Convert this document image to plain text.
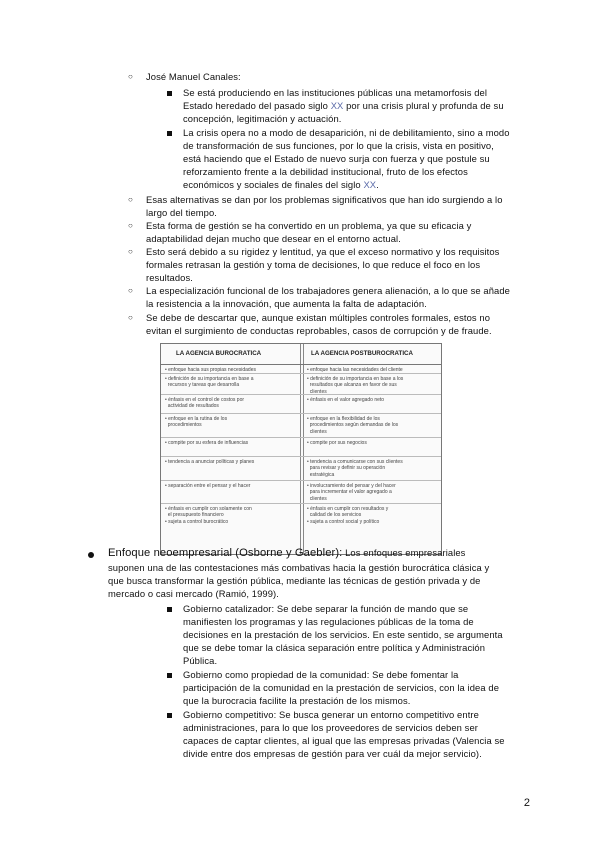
○ José Manuel Canales:
Se está produciendo en las instituciones públicas una metamorfosis del
Estado heredado del pasado siglo XX por una crisis plural y profunda de su
concepción, legitimación y actuación.
La crisis opera no a modo de desaparición, ni de debilitamiento, sino a modo
de transformación de sus funciones, por lo que la crisis, vista en positivo,
está haciendo que el Estado de nuevo surja con fuerza y que postule su
reforzamiento frente a la debilidad institucional, fruto de los efectos
económicos y sociales de finales del siglo XX.
○ Esas alternativas se dan por los problemas significativos que han ido surgiendo a lo
largo del tiempo.
○ Esta forma de gestión se ha convertido en un problema, ya que su eficacia y
adaptabilidad dejan mucho que desear en el entorno actual.
○ Esto será debido a su rigidez y lentitud, ya que el exceso normativo y los requisitos
formales retrasan la gestión y toma de decisiones, lo que reduce el foco en los
resultados.
○ La especialización funcional de los trabajadores genera alienación, a lo que se añade
la resistencia a la innovación, que aumenta la falta de adaptación.
○ Se debe de descartar que, aunque existan múltiples controles formales, estos no
evitan el surgimiento de conductas reprobables, casos de corrupción y de fraude.
LA AGENCIA BUROCRATICA	LA AGENCIA POSTBUROCRATICA
• enfoque hacia sus propias necesidades
• definición de su importancia en base a
recursos y tareas que desarrolla
• énfasis en el control de costos por
actividad de resultados
• enfoque en la rutina de los
procedimientos
• compite por su esfera de influencias
• tendencia a anunciar políticas y planes
• separación entre el pensar y el hacer
• énfasis en cumplir con solamente con
el presupuesto financiero
• sujeta a control burocrático
• enfoque hacia las necesidades del cliente
• definición de su importancia en base a los
resultados que alcanza en favor de sus
clientes
• énfasis en el valor agregado neto
• enfoque en la flexibilidad de los
procedimientos según demandas de los
clientes
• compite por sus negocios
• tendencia a comunicarse con sus clientes
para revisar y definir su operación
estratégica
• involucramiento del pensar y del hacer
para incrementar el valor agregado a
clientes
• énfasis en cumplir con resultados y
calidad de los servicios
• sujeta a control social y político
Enfoque neoempresarial (Osborne y Gaebler): Los enfoques empresariales
suponen una de las contestaciones más combativas hacia la gestión burocrática clásica y
que busca transformar la gestión pública, mediante las técnicas de gestión privada y de
mercado o casi mercado (Ramió, 1999).
Gobierno catalizador: Se debe separar la función de mando que se
manifiesten los programas y las regulaciones públicas de la toma de
decisiones en la prestación de los servicios. En este sentido, se argumenta
que se debe tomar la clásica separación entre política y Administración
Pública.
Gobierno como propiedad de la comunidad: Se debe fomentar la
participación de la comunidad en la prestación de servicios, con la idea de
que la burocracia facilite la prestación de los mismos.
Gobierno competitivo: Se busca generar un entorno competitivo entre
administraciones, para lo que los proveedores de servicios deben ser
capaces de captar clientes, al igual que las empresas privadas (Valencia se
divide entre dos empresas de gestión para ver cuál da mejor servicio).
2
